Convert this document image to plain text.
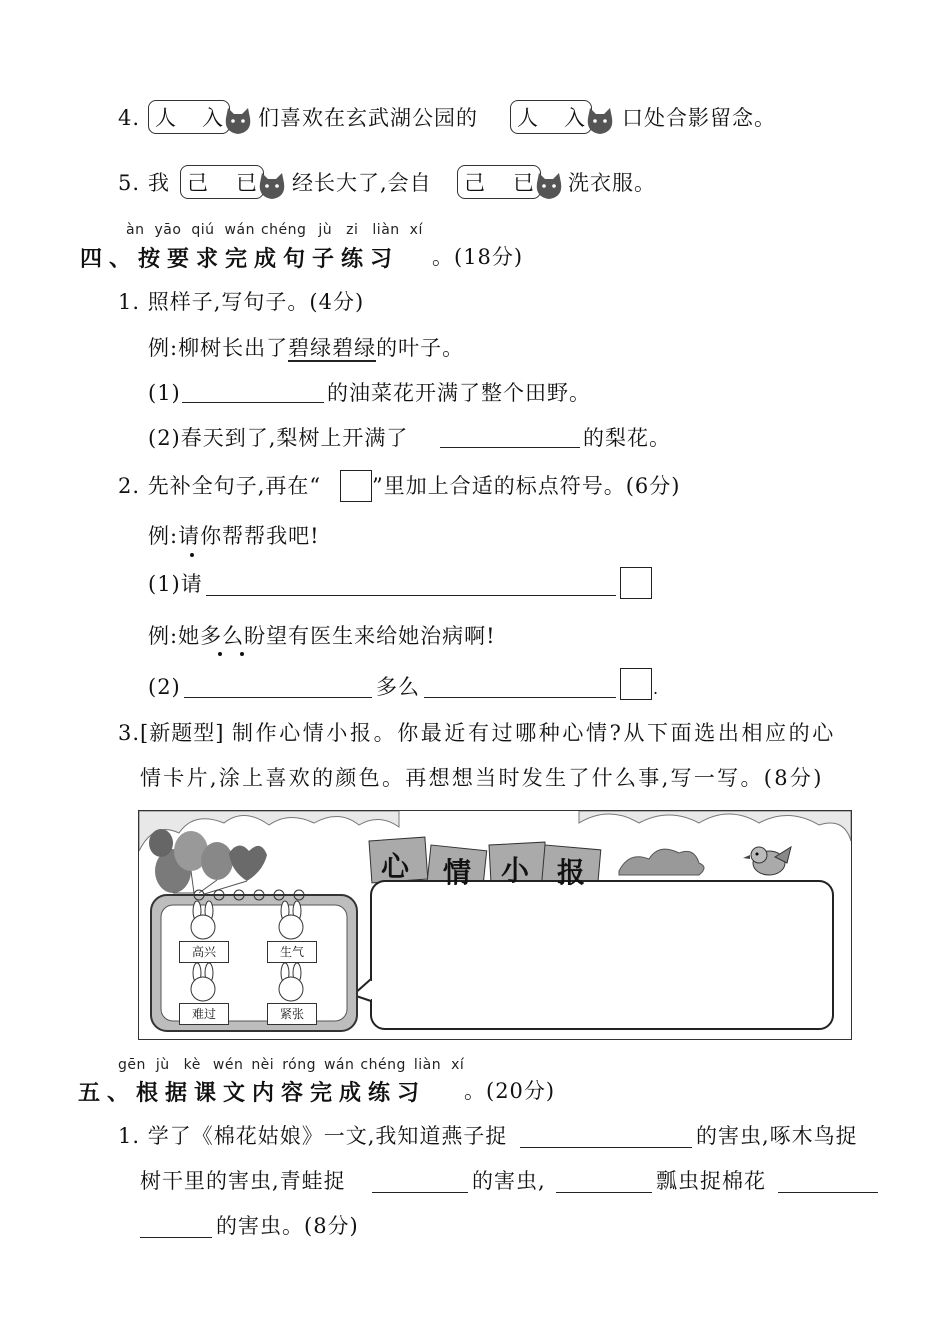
4. 人 入 们喜欢在玄武湖公园的 人 入 口处合影留念。
5. 我 己 已 经长大了,会自 己 已 洗衣服。
àn yāo qiú wán chéng jù zi liàn xí
四、按要求完成句子练习 。(18分)
1. 照样子,写句子。(4分)
例:柳树长出了碧绿碧绿的叶子。
(1)	的油菜花开满了整个田野。
(2)春天到了,梨树上开满了	的梨花。
2. 先补全句子,再在“ ”里加上合适的标点符号。(6分)
例:请你帮帮我吧!
(1)请
例:她多么盼望有医生来给她治病啊!
(2)	多么	.
3. [新题型] 制作心情小报。你最近有过哪种心情?从下面选出相应的心
情卡片,涂上喜欢的颜色。再想想当时发生了什么事,写一写。(8分)
心 情 小 报
高兴	生气
难过	紧张
gēn jù kè wén nèi róng wán chéng liàn xí
五、根据课文内容完成练习 。(20分)
1. 学了《棉花姑娘》一文,我知道燕子捉	的害虫,啄木鸟捉
树干里的害虫,青蛙捉	的害虫,	瓢虫捉棉花
的害虫。(8分)
